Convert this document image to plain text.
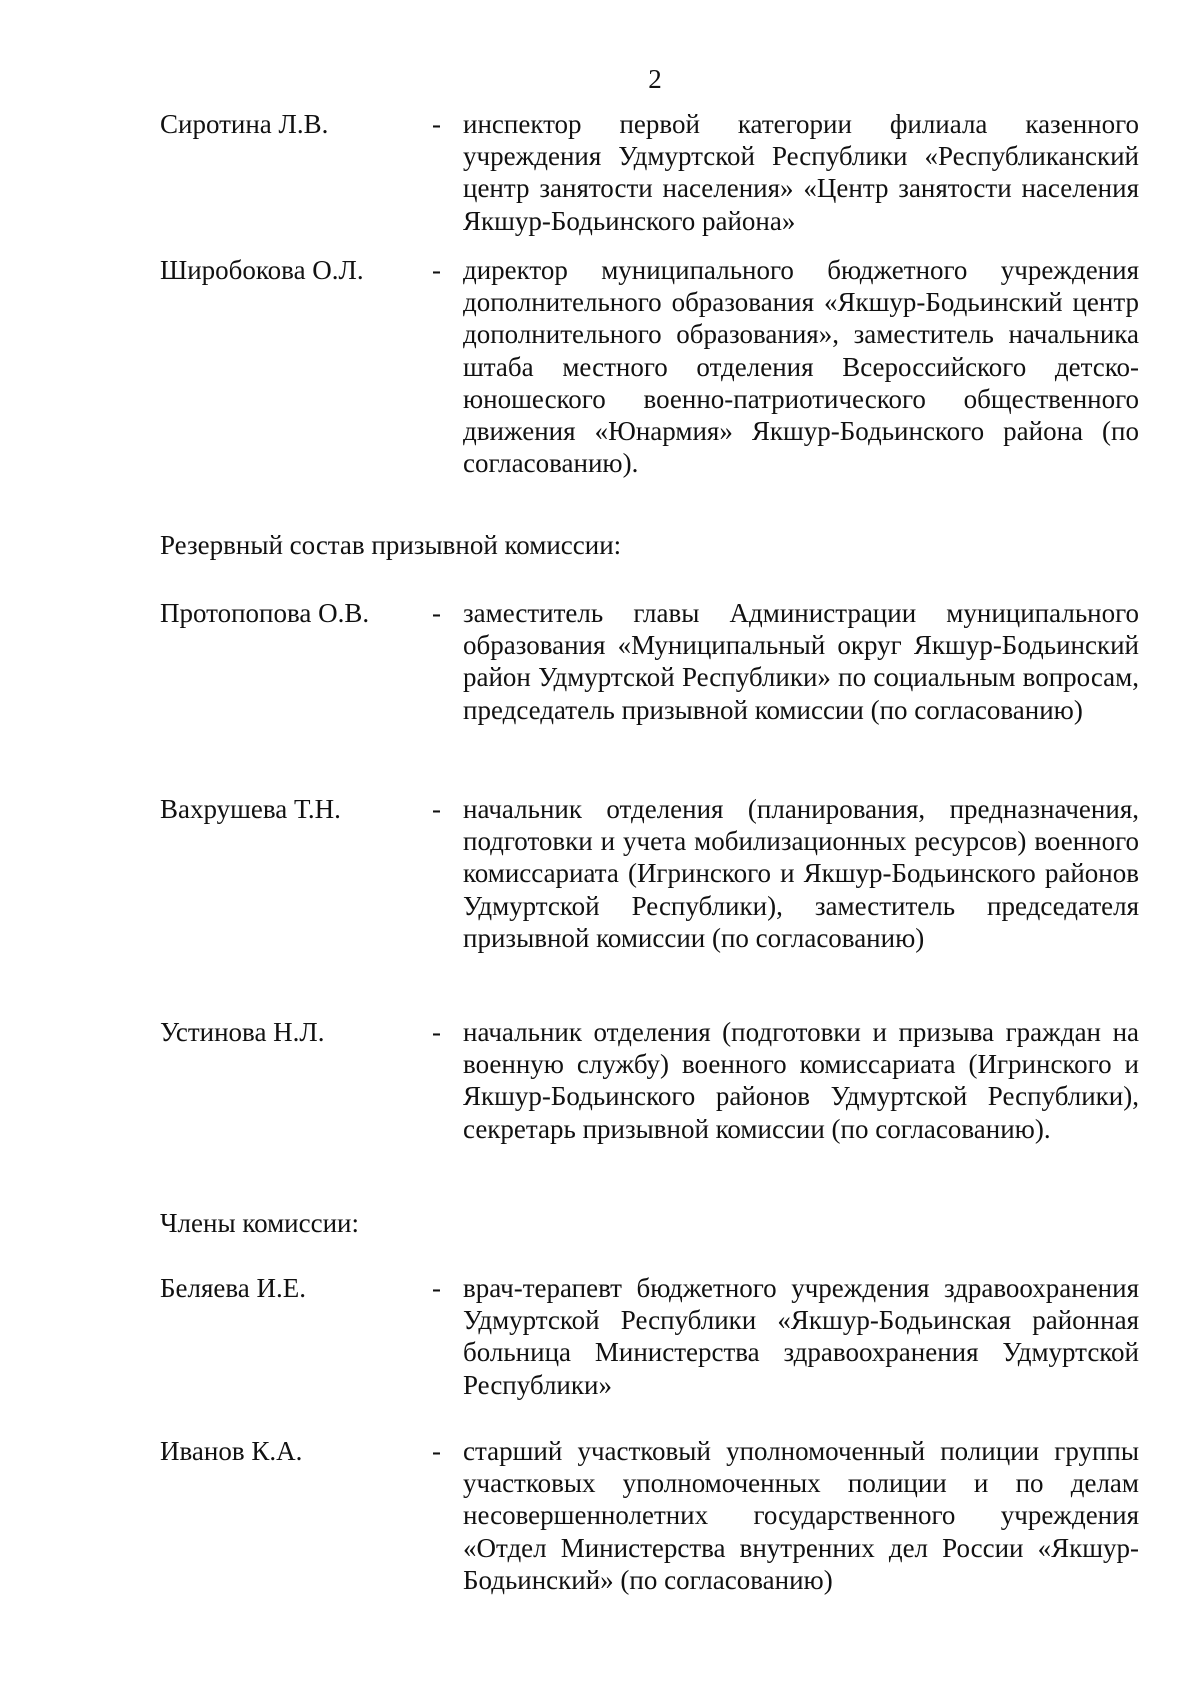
2
Сиротина Л.В.	- инспектор первой категории филиала казенного учреждения Удмуртской Республики «Республиканский центр занятости населения» «Центр занятости населения Якшур-Бодьинского района»
Широбокова О.Л.	- директор муниципального бюджетного учреждения дополнительного образования «Якшур-Бодьинский центр дополнительного образования», заместитель начальника штаба местного отделения Всероссийского детско-юношеского военно-патриотического общественного движения «Юнармия» Якшур-Бодьинского района (по согласованию).
Резервный состав призывной комиссии:
Протопопова О.В. - заместитель главы Администрации муниципального образования «Муниципальный округ Якшур-Бодьинский район Удмуртской Республики» по социальным вопросам, председатель призывной комиссии (по согласованию)
Вахрушева Т.Н.	- начальник отделения (планирования, предназначения, подготовки и учета мобилизационных ресурсов) военного комиссариата (Игринского и Якшур-Бодьинского районов Удмуртской Республики), заместитель председателя призывной комиссии (по согласованию)
Устинова Н.Л.	- начальник отделения (подготовки и призыва граждан на военную службу) военного комиссариата (Игринского и Якшур-Бодьинского районов Удмуртской Республики), секретарь призывной комиссии (по согласованию).
Члены комиссии:
Беляева И.Е.	- врач-терапевт бюджетного учреждения здравоохранения Удмуртской Республики «Якшур-Бодьинская районная больница Министерства здравоохранения Удмуртской Республики»
Иванов К.А.	- старший участковый уполномоченный полиции группы участковых уполномоченных полиции и по делам несовершеннолетних государственного учреждения «Отдел Министерства внутренних дел России «Якшур-Бодьинский» (по согласованию)
